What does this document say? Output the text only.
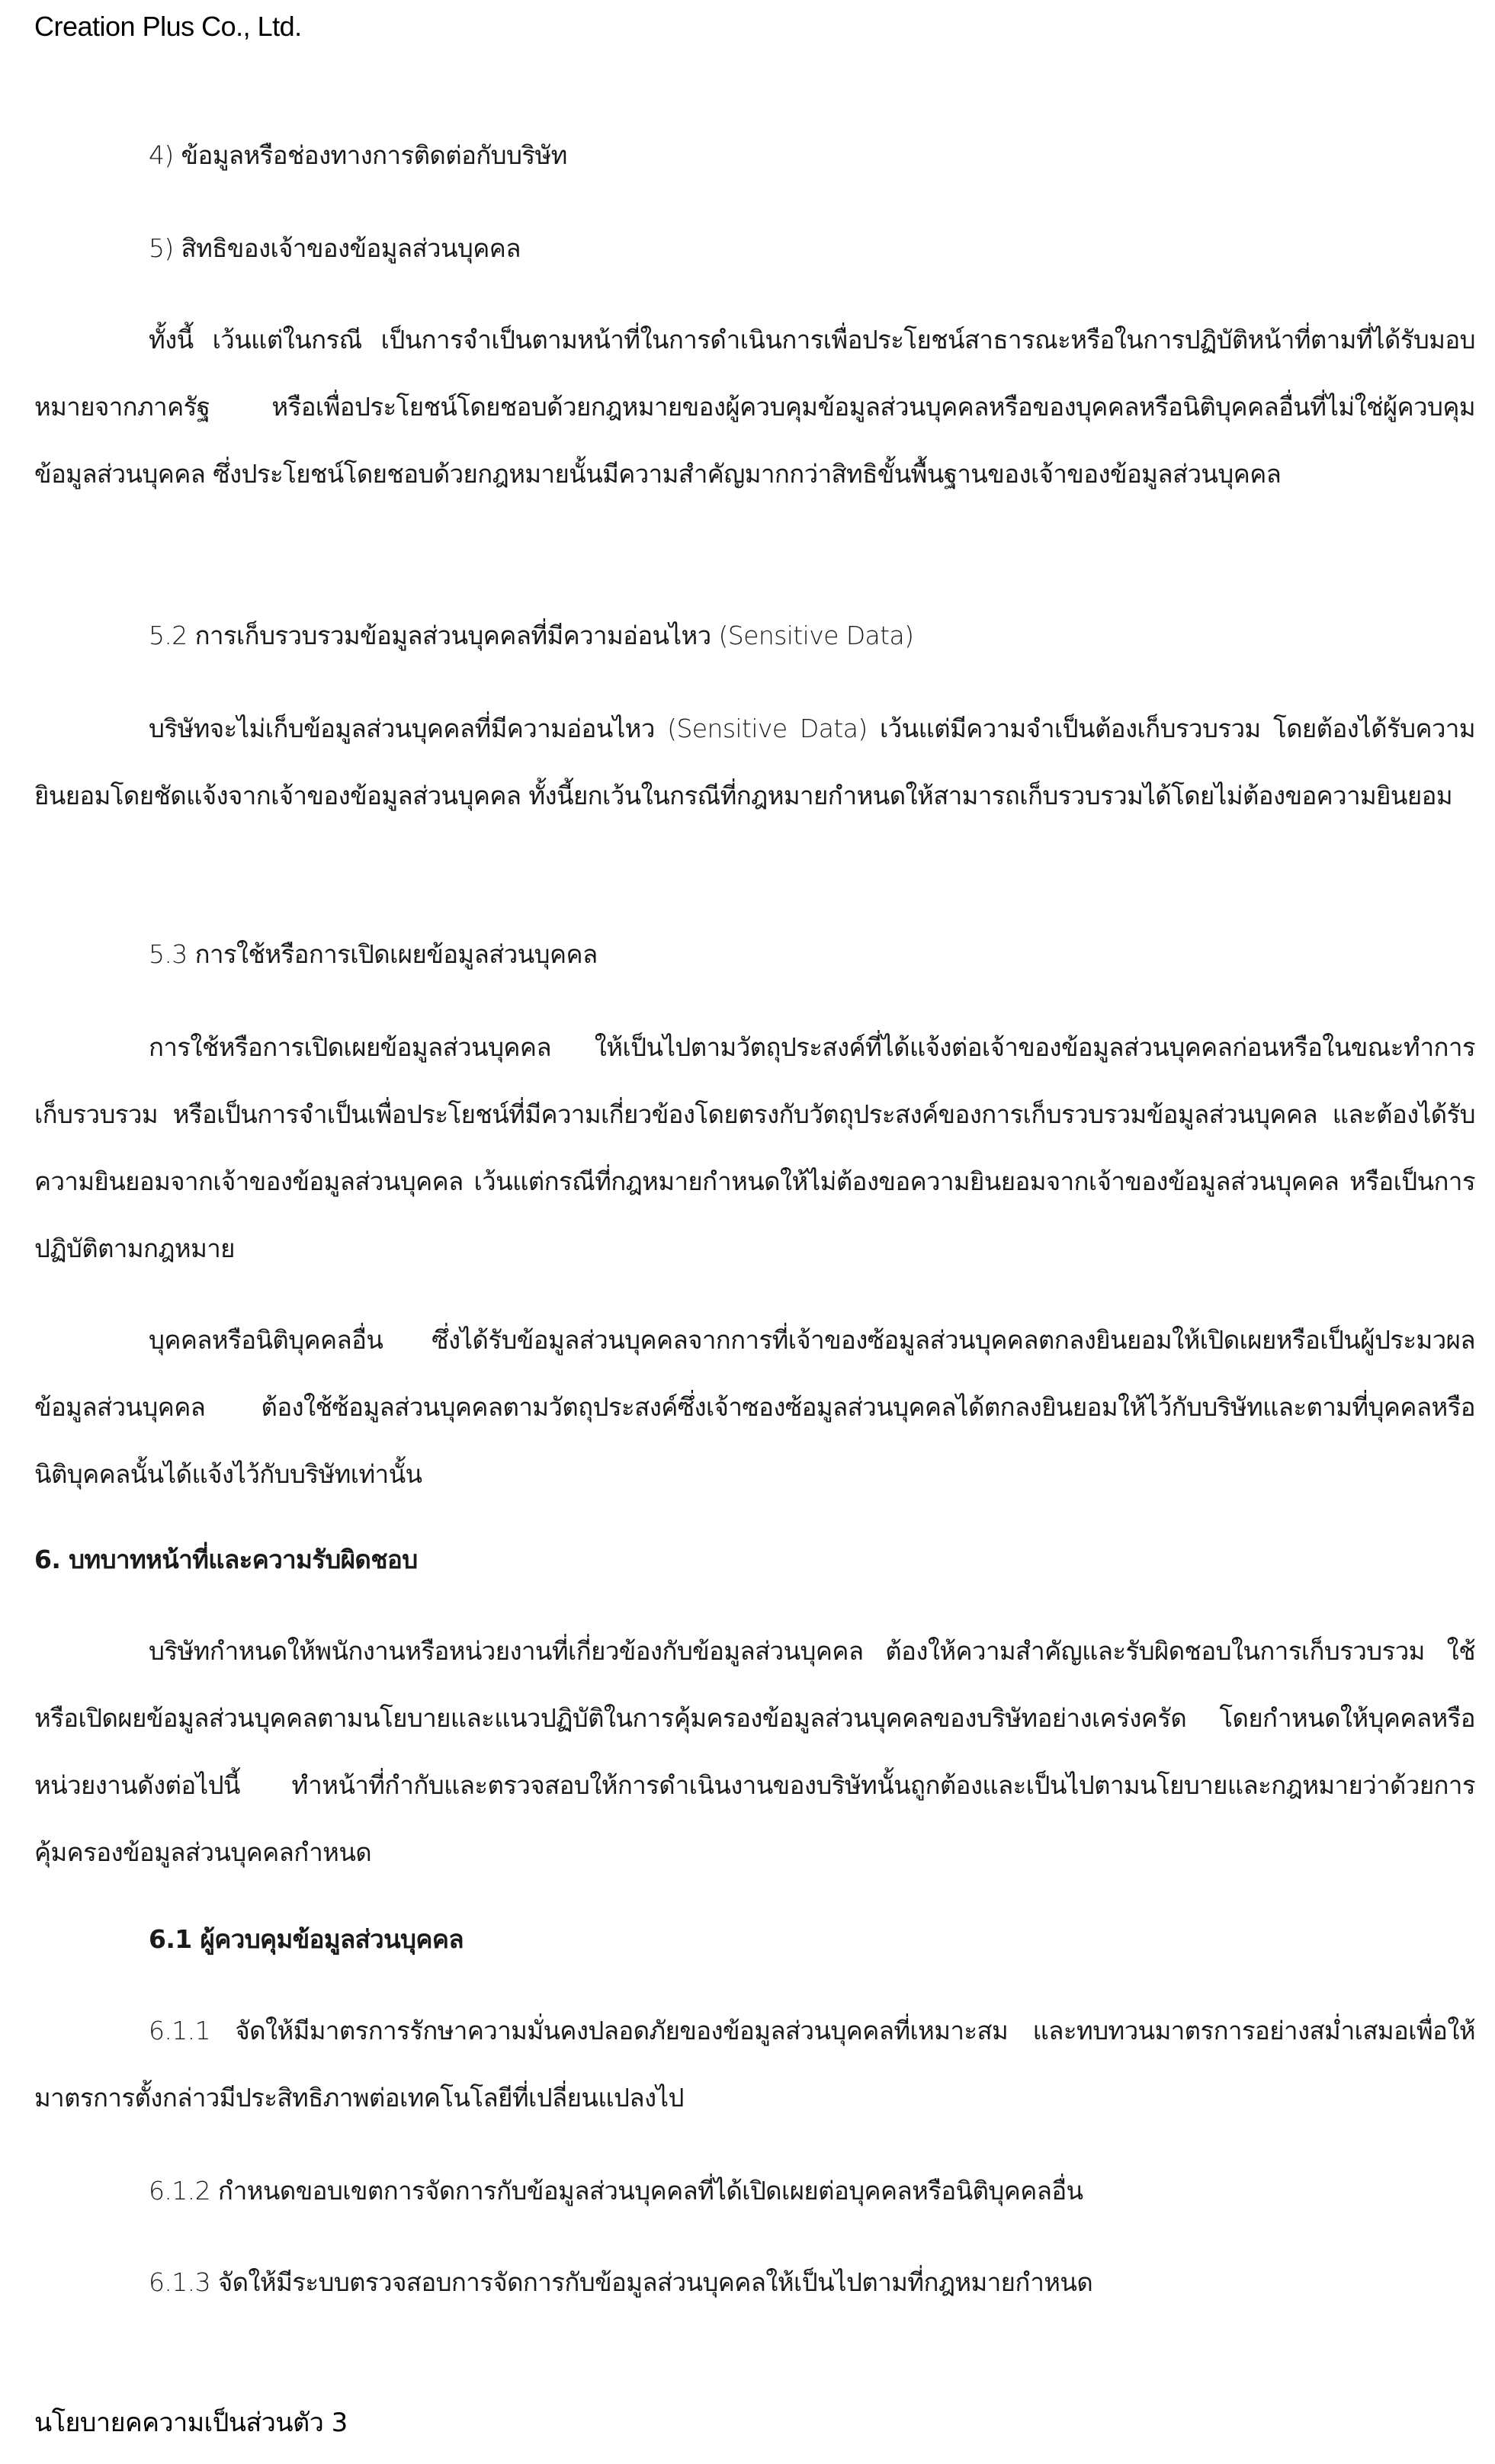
Creation Plus Co., Ltd.
4) ข้อมูลหรือช่องทางการติดต่อกับบริษัท
5) สิทธิของเจ้าของข้อมูลส่วนบุคคล
ทั้งนี้ เว้นแต่ในกรณี เป็นการจำเป็นตามหน้าที่ในการดำเนินการเพื่อประโยชน์สาธารณะหรือในการปฏิบัติหน้าที่ตามที่ได้รับมอบหมายจากภาครัฐ หรือเพื่อประโยชน์โดยชอบด้วยกฎหมายของผู้ควบคุมข้อมูลส่วนบุคคลหรือของบุคคลหรือนิติบุคคลอื่นที่ไม่ใช่ผู้ควบคุมข้อมูลส่วนบุคคล ซึ่งประโยชน์โดยชอบด้วยกฎหมายนั้นมีความสำคัญมากกว่าสิทธิขั้นพื้นฐานของเจ้าของข้อมูลส่วนบุคคล
5.2 การเก็บรวบรวมข้อมูลส่วนบุคคลที่มีความอ่อนไหว (Sensitive Data)
บริษัทจะไม่เก็บข้อมูลส่วนบุคคลที่มีความอ่อนไหว (Sensitive Data) เว้นแต่มีความจำเป็นต้องเก็บรวบรวม โดยต้องได้รับความยินยอมโดยชัดแจ้งจากเจ้าของข้อมูลส่วนบุคคล ทั้งนี้ยกเว้นในกรณีที่กฎหมายกำหนดให้สามารถเก็บรวบรวมได้โดยไม่ต้องขอความยินยอม
5.3 การใช้หรือการเปิดเผยข้อมูลส่วนบุคคล
การใช้หรือการเปิดเผยข้อมูลส่วนบุคคล ให้เป็นไปตามวัตถุประสงค์ที่ได้แจ้งต่อเจ้าของข้อมูลส่วนบุคคลก่อนหรือในขณะทำการเก็บรวบรวม หรือเป็นการจำเป็นเพื่อประโยชน์ที่มีความเกี่ยวข้องโดยตรงกับวัตถุประสงค์ของการเก็บรวบรวมข้อมูลส่วนบุคคล และต้องได้รับความยินยอมจากเจ้าของข้อมูลส่วนบุคคล เว้นแต่กรณีที่กฎหมายกำหนดให้ไม่ต้องขอความยินยอมจากเจ้าของข้อมูลส่วนบุคคล หรือเป็นการปฏิบัติตามกฎหมาย
บุคคลหรือนิติบุคคลอื่น ซึ่งได้รับข้อมูลส่วนบุคคลจากการที่เจ้าของซ้อมูลส่วนบุคคลตกลงยินยอมให้เปิดเผยหรือเป็นผู้ประมวผลข้อมูลส่วนบุคคล ต้องใช้ซ้อมูลส่วนบุคคลตามวัตถุประสงค์ซึ่งเจ้าซองซ้อมูลส่วนบุคคลได้ตกลงยินยอมให้ไว้กับบริษัทและตามที่บุคคลหรือนิติบุคคลนั้นได้แจ้งไว้กับบริษัทเท่านั้น
6. บทบาทหน้าที่และความรับผิดชอบ
บริษัทกำหนดให้พนักงานหรือหน่วยงานที่เกี่ยวข้องกับข้อมูลส่วนบุคคล ต้องให้ความสำคัญและรับผิดชอบในการเก็บรวบรวม ใช้ หรือเปิดผยข้อมูลส่วนบุคคลตามนโยบายและแนวปฏิบัติในการคุ้มครองข้อมูลส่วนบุคคลของบริษัทอย่างเคร่งครัด โดยกำหนดให้บุคคลหรือหน่วยงานดังต่อไปนี้ ทำหน้าที่กำกับและตรวจสอบให้การดำเนินงานของบริษัทนั้นถูกต้องและเป็นไปตามนโยบายและกฎหมายว่าด้วยการคุ้มครองข้อมูลส่วนบุคคลกำหนด
6.1 ผู้ควบคุมข้อมูลส่วนบุคคล
6.1.1 จัดให้มีมาตรการรักษาความมั่นคงปลอดภัยของข้อมูลส่วนบุคคลที่เหมาะสม และทบทวนมาตรการอย่างสม่ำเสมอเพื่อให้มาตรการตั้งกล่าวมีประสิทธิภาพต่อเทคโนโลยีที่เปลี่ยนแปลงไป
6.1.2 กำหนดขอบเขตการจัดการกับข้อมูลส่วนบุคคลที่ได้เปิดเผยต่อบุคคลหรือนิติบุคคลอื่น
6.1.3 จัดให้มีระบบตรวจสอบการจัดการกับข้อมูลส่วนบุคคลให้เป็นไปตามที่กฎหมายกำหนด
นโยบายคความเป็นส่วนตัว 3
